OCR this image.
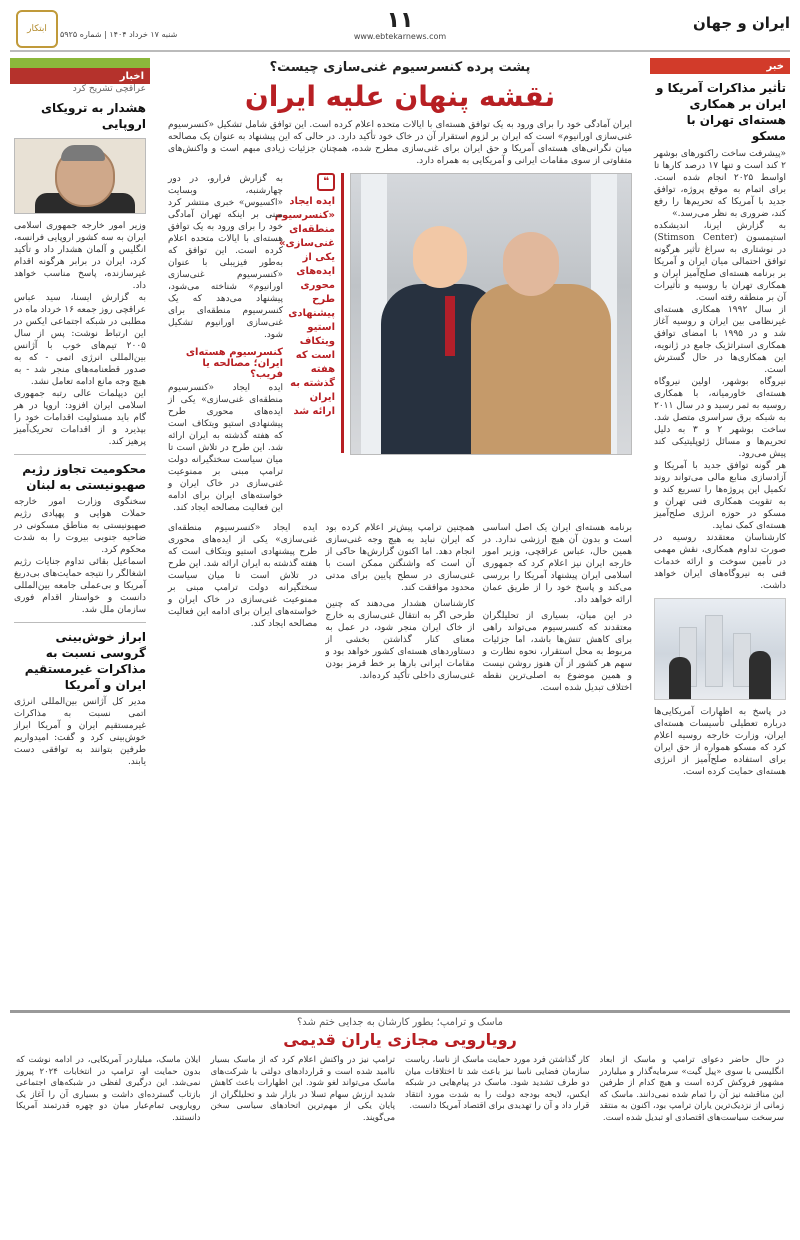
ایران و جهان
۱۱
www.ebtekarnews.com
شنبه ۱۷ خرداد ۱۴۰۴ | شماره ۵۹۲۵
ابتکار
خبر
تأثیر مذاکرات آمریکا و ایران بر همکاری هسته‌ای تهران با مسکو
«پیشرفت ساخت راکتورهای بوشهر ۲ کند است و تنها ۱۷ درصد کارها تا اواسط ۲۰۲۵ انجام شده است. برای اتمام به موقع پروژه، توافق جدید با آمریکا که تحریم‌ها را رفع کند، ضروری به نظر می‌رسد.»
به گزارش ایرنا، اندیشکده استیمسون (Stimson Center) در نوشتاری به سراغ تأثیر هرگونه توافق احتمالی میان ایران و آمریکا بر برنامه هسته‌ای صلح‌آمیز ایران و همکاری تهران با روسیه و تأثیرات آن بر منطقه رفته است.
از سال ۱۹۹۲ همکاری هسته‌ای غیرنظامی بین ایران و روسیه آغاز شد و در ۱۹۹۵ با امضای توافق همکاری استراتژیک جامع در ژانویه، این همکاری‌ها در حال گسترش است.
نیروگاه بوشهر، اولین نیروگاه هسته‌ای خاورمیانه، با همکاری روسیه به ثمر رسید و در سال ۲۰۱۱ به شبکه برق سراسری متصل شد. ساخت بوشهر ۲ و ۳ به دلیل تحریم‌ها و مسائل ژئوپلیتیکی کند پیش می‌رود.
هر گونه توافق جدید با آمریکا و آزادسازی منابع مالی می‌تواند روند تکمیل این پروژه‌ها را تسریع کند و به تقویت همکاری فنی تهران و مسکو در حوزه انرژی صلح‌آمیز هسته‌ای کمک نماید.
کارشناسان معتقدند روسیه در صورت تداوم همکاری، نقش مهمی در تأمین سوخت و ارائه خدمات فنی به نیروگاه‌های ایران خواهد داشت.
در پاسخ به اظهارات آمریکایی‌ها درباره تعطیلی تأسیسات هسته‌ای ایران، وزارت خارجه روسیه اعلام کرد که مسکو همواره از حق ایران برای استفاده صلح‌آمیز از انرژی هسته‌ای حمایت کرده است.
اخبار
عراقچی تشریح کرد
هشدار به ترویکای اروپایی
وزیر امور خارجه جمهوری اسلامی ایران به سه کشور اروپایی فرانسه، انگلیس و آلمان هشدار داد و تأکید کرد، ایران در برابر هرگونه اقدام غیرسازنده، پاسخ مناسب خواهد داد.
به گزارش ایسنا، سید عباس عراقچی روز جمعه ۱۶ خرداد ماه در مطلبی در شبکه اجتماعی ایکس در این ارتباط نوشت: پس از سال ۲۰۰۵ تیم‌های خوب با آژانس بین‌المللی انرژی اتمی - که به صدور قطعنامه‌های منجر شد - به هیچ وجه مانع ادامه تعامل نشد.
این دیپلمات عالی رتبه جمهوری اسلامی ایران افزود: اروپا در هر گام باید مسئولیت اقدامات خود را بپذیرد و از اقدامات تحریک‌آمیز پرهیز کند.
محکومیت تجاوز رژیم صهیونیستی به لبنان
سخنگوی وزارت امور خارجه حملات هوایی و پهپادی رژیم صهیونیستی به مناطق مسکونی در ضاحیه جنوبی بیروت را به شدت محکوم کرد.
اسماعیل بقائی تداوم جنایات رژیم اشغالگر را نتیجه حمایت‌های بی‌دریغ آمریکا و بی‌عملی جامعه بین‌المللی دانست و خواستار اقدام فوری سازمان ملل شد.
ابراز خوش‌بینی گروسی نسبت به مذاکرات غیرمستقیم ایران و آمریکا
مدیر کل آژانس بین‌المللی انرژی اتمی نسبت به مذاکرات غیرمستقیم ایران و آمریکا ابراز خوش‌بینی کرد و گفت: امیدواریم طرفین بتوانند به توافقی دست یابند.
پشت پرده کنسرسیوم غنی‌سازی چیست؟
نقشه پنهان علیه ایران
ایران آمادگی خود را برای ورود به یک توافق هسته‌ای با ایالات متحده اعلام کرده است. این توافق شامل تشکیل «کنسرسیوم غنی‌سازی اورانیوم» است که ایران بر لزوم استقرار آن در خاک خود تأکید دارد. در حالی که این پیشنهاد به عنوان یک مصالحه میان نگرانی‌های هسته‌ای آمریکا و حق ایران برای غنی‌سازی مطرح شده، همچنان جزئیات زیادی مبهم است و واکنش‌های متفاوتی از سوی مقامات ایرانی و آمریکایی به همراه دارد.
❝
ایده ایجاد «کنسرسیوم منطقه‌ای غنی‌سازی» یکی از ایده‌های محوری طرح پیشنهادی استیو ویتکاف است که هفته گذشته به ایران ارائه شد
به گزارش فرارو، در دور چهارشنبه، وبسایت «اکسیوس» خبری منتشر کرد مبنی بر اینکه تهران آمادگی خود را برای ورود به یک توافق هسته‌ای با ایالات متحده اعلام کرده است. این توافق که به‌طور فیزیبلی با عنوان «کنسرسیوم غنی‌سازی اورانیوم» شناخته می‌شود، پیشنهاد می‌دهد که یک کنسرسیوم منطقه‌ای برای غنی‌سازی اورانیوم تشکیل شود.
کنسرسیوم هسته‌ای ایران؛ مصالحه یا فریب؟
ایده ایجاد «کنسرسیوم منطقه‌ای غنی‌سازی» یکی از ایده‌های محوری طرح پیشنهادی استیو ویتکاف است که هفته گذشته به ایران ارائه شد. این طرح در تلاش است تا میان سیاست سختگیرانه دولت ترامپ مبنی بر ممنوعیت غنی‌سازی در خاک ایران و خواسته‌های ایران برای ادامه این فعالیت مصالحه ایجاد کند.
برنامه هسته‌ای ایران یک اصل اساسی است و بدون آن هیچ ارزشی ندارد. در همین حال، عباس عراقچی، وزیر امور خارجه ایران نیز اعلام کرد که جمهوری اسلامی ایران پیشنهاد آمریکا را بررسی می‌کند و پاسخ خود را از طریق عمان ارائه خواهد داد.
در این میان، بسیاری از تحلیلگران معتقدند که کنسرسیوم می‌تواند راهی برای کاهش تنش‌ها باشد، اما جزئیات مربوط به محل استقرار، نحوه نظارت و سهم هر کشور از آن هنوز روشن نیست و همین موضوع به اصلی‌ترین نقطه اختلاف تبدیل شده است.
همچنین ترامپ پیش‌تر اعلام کرده بود که ایران نباید به هیچ وجه غنی‌سازی انجام دهد. اما اکنون گزارش‌ها حاکی از آن است که واشنگتن ممکن است با غنی‌سازی در سطح پایین برای مدتی محدود موافقت کند.
کارشناسان هشدار می‌دهند که چنین طرحی اگر به انتقال غنی‌سازی به خارج از خاک ایران منجر شود، در عمل به معنای کنار گذاشتن بخشی از دستاوردهای هسته‌ای کشور خواهد بود و مقامات ایرانی بارها بر خط قرمز بودن غنی‌سازی داخلی تأکید کرده‌اند.
ایده ایجاد «کنسرسیوم منطقه‌ای غنی‌سازی» یکی از ایده‌های محوری طرح پیشنهادی استیو ویتکاف است که هفته گذشته به ایران ارائه شد. این طرح در تلاش است تا میان سیاست سختگیرانه دولت ترامپ مبنی بر ممنوعیت غنی‌سازی در خاک ایران و خواسته‌های ایران برای ادامه این فعالیت مصالحه ایجاد کند.
ماسک و ترامپ؛ بطور کارشان به جدایی ختم شد؟
رویارویی مجازی یاران قدیمی
در حال حاضر دعوای ترامپ و ماسک از ابعاد انگلیسی با سوی «پیل گیت» سرمایه‌گذار و میلیاردر مشهور فروکش کرده است و هیچ کدام از طرفین این مناقشه نیز آن را تمام شده نمی‌دانند. ماسک که زمانی از نزدیک‌ترین یاران ترامپ بود، اکنون به منتقد سرسخت سیاست‌های اقتصادی او تبدیل شده است.
کار گذاشتن فرد مورد حمایت ماسک از ناسا، ریاست سازمان فضایی ناسا نیز باعث شد تا اختلافات میان دو طرف تشدید شود. ماسک در پیام‌هایی در شبکه ایکس، لایحه بودجه دولت را به شدت مورد انتقاد قرار داد و آن را تهدیدی برای اقتصاد آمریکا دانست.
ترامپ نیز در واکنش اعلام کرد که از ماسک بسیار ناامید شده است و قراردادهای دولتی با شرکت‌های ماسک می‌تواند لغو شود. این اظهارات باعث کاهش شدید ارزش سهام تسلا در بازار شد و تحلیلگران از پایان یکی از مهم‌ترین اتحادهای سیاسی سخن می‌گویند.
ایلان ماسک، میلیاردر آمریکایی، در ادامه نوشت که بدون حمایت او، ترامپ در انتخابات ۲۰۲۴ پیروز نمی‌شد. این درگیری لفظی در شبکه‌های اجتماعی بازتاب گسترده‌ای داشت و بسیاری آن را آغاز یک رویارویی تمام‌عیار میان دو چهره قدرتمند آمریکا دانستند.
